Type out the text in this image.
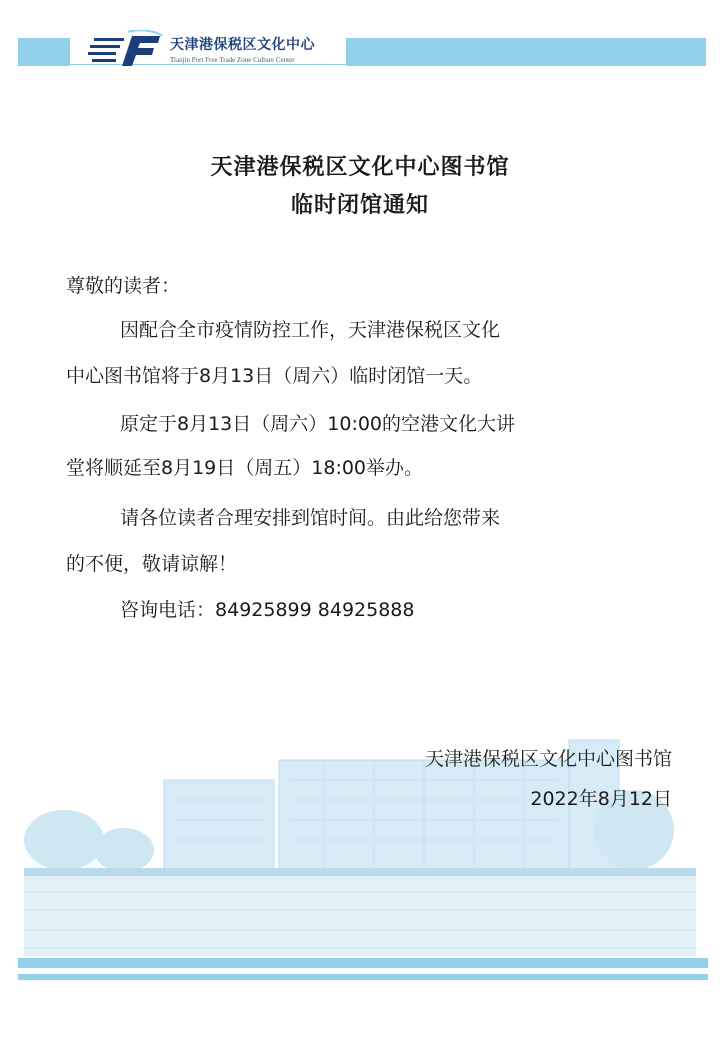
天津港保税区文化中心
Tianjin Port Free Trade Zone Culture Center
天津港保税区文化中心图书馆
临时闭馆通知
尊敬的读者：
因配合全市疫情防控工作，天津港保税区文化
中心图书馆将于8月13日（周六）临时闭馆一天。
原定于8月13日（周六）10:00的空港文化大讲
堂将顺延至8月19日（周五）18:00举办。
请各位读者合理安排到馆时间。由此给您带来
的不便，敬请谅解！
咨询电话：84925899 84925888
天津港保税区文化中心图书馆
2022年8月12日
